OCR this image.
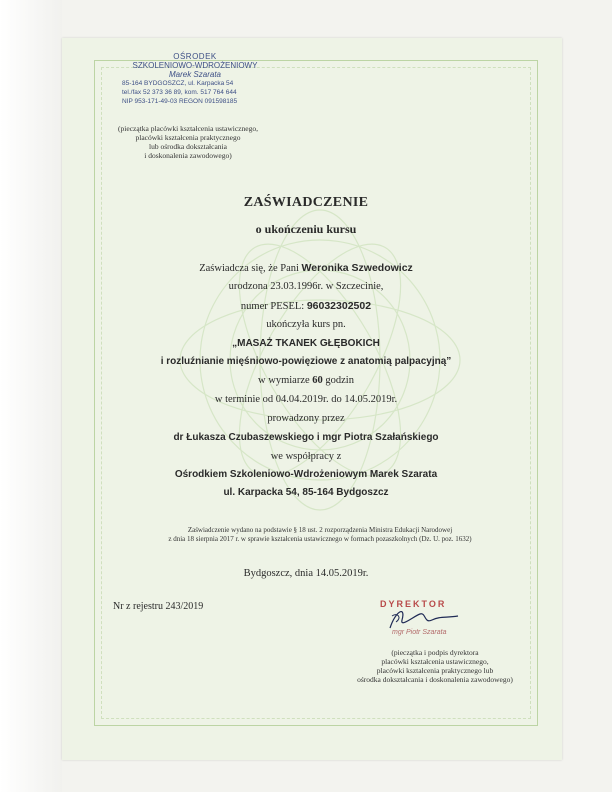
OŚRODEK
SZKOLENIOWO-WDROŻENIOWY
Marek Szarata
85-164 BYDGOSZCZ, ul. Karpacka 54
tel./fax 52 373 36 89, kom. 517 764 644
NIP 953-171-49-03 REGON 091598185
(pieczątka placówki kształcenia ustawicznego,
placówki kształcenia praktycznego
lub ośrodka dokształcania
i doskonalenia zawodowego)
ZAŚWIADCZENIE
o ukończeniu kursu
Zaświadcza się, że Pani Weronika Szwedowicz
urodzona 23.03.1996r. w Szczecinie,
numer PESEL: 96032302502
ukończyła kurs pn.
„MASAŻ TKANEK GŁĘBOKICH
i rozluźnianie mięśniowo-powięziowe z anatomią palpacyjną”
w wymiarze 60 godzin
w terminie od 04.04.2019r. do 14.05.2019r.
prowadzony przez
dr Łukasza Czubaszewskiego i mgr Piotra Szałańskiego
we współpracy z
Ośrodkiem Szkoleniowo-Wdrożeniowym Marek Szarata
ul. Karpacka 54, 85-164 Bydgoszcz
Zaświadczenie wydano na podstawie § 18 ust. 2 rozporządzenia Ministra Edukacji Narodowej
z dnia 18 sierpnia 2017 r. w sprawie kształcenia ustawicznego w formach pozaszkolnych (Dz. U. poz. 1632)
Bydgoszcz, dnia 14.05.2019r.
Nr z rejestru 243/2019	DYREKTOR
mgr Piotr Szarata
(pieczątka i podpis dyrektora
placówki kształcenia ustawicznego,
placówki kształcenia praktycznego lub
ośrodka dokształcania i doskonalenia zawodowego)
